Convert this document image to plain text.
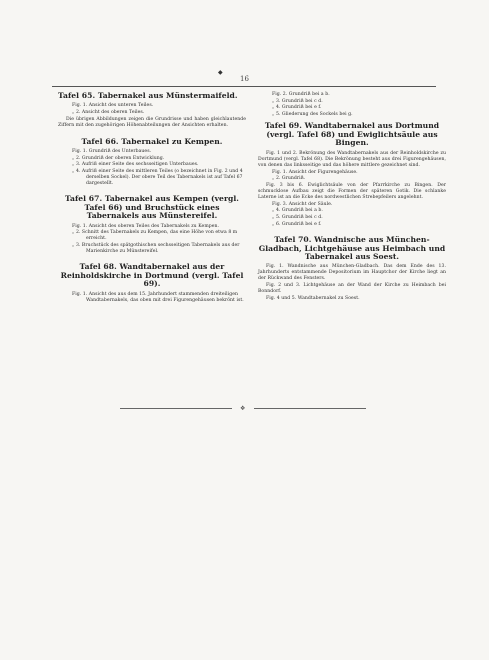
◆
16
Tafel 65. Tabernakel aus Münstermaifeld.

Fig. 1. Ansicht des unteren Teiles.

„ 2. Ansicht des oberen Teiles.

Die übrigen Abbildungen zeigen die Grundrisse und haben gleichlautende Ziffern mit den zugehörigen Höhenabteilungen der Ansichten erhalten.

Tafel 66. Tabernakel zu Kempen.

Fig. 1. Grundriß des Unterbaues.

„ 2. Grundriß der oberen Entwicklung.

„ 3. Aufriß einer Seite des sechsseitigen Unterbaues.

„ 4. Aufriß einer Seite des mittleren Teiles (o bezeichnet in Fig. 2 und 4 derselben Sockel). Der obere Teil des Tabernakels ist auf Tafel 67 dargestellt.

Tafel 67. Tabernakel aus Kempen (vergl. Tafel 66) und Bruchstück eines Tabernakels aus Münstereifel.

Fig. 1. Ansicht des oberen Teiles des Tabernakels zu Kempen.

„ 2. Schnitt des Tabernakels zu Kempen, das eine Höhe von etwa 8 m erreicht.

„ 3. Bruchstück des spätgothischen sechsseitigen Tabernakels aus der Marienkirche zu Münstereifel.

Tafel 68. Wandtabernakel aus der Reinholdskirche in Dortmund (vergl. Tafel 69).

Fig. 1. Ansicht des aus dem 15. Jahrhundert stammenden dreiteiligen Wandtabernakels, das oben mit drei Figurengehäusen bekrönt ist.

Fig. 2. Grundriß bei a b.

„ 3. Grundriß bei c d.

„ 4. Grundriß bei e f.

„ 5. Gliederung des Sockels bei g.

Tafel 69. Wandtabernakel aus Dortmund (vergl. Tafel 68) und Ewiglichtsäule aus Bingen.

Fig. 1 und 2. Bekrönung des Wandtabernakels aus der Reinholdskirche zu Dortmund (vergl. Tafel 68). Die Bekrönung besteht aus drei Figurengehäusen, von denen das linksseitige und das höhere mittlere gezeichnet sind.

Fig. 1. Ansicht der Figurengehäuse.

„ 2. Grundriß.

Fig. 3 bis 6. Ewiglichtsäule von der Pfarrkirche zu Bingen. Der schmucklose Aufbau zeigt die Formen der späteren Gotik. Die schlanke Laterne ist an die Ecke des nordwestlichen Strebepfeilers angelehnt.

Fig. 3. Ansicht der Säule.

„ 4. Grundriß bei a b.

„ 5. Grundriß bei c d.

„ 6. Grundriß bei e f.

Tafel 70. Wandnische aus München-Gladbach, Lichtgehäuse aus Heimbach und Tabernakel aus Soest.

Fig. 1. Wandnische aus München-Gladbach. Das dem Ende des 13. Jahrhunderts entstammende Depositorium im Hauptchor der Kirche liegt an der Rückwand des Fensters.

Fig. 2 und 3. Lichtgehäuse an der Wand der Kirche zu Heimbach bei Bonndorf.

Fig. 4 und 5. Wandtabernakel zu Soest.

❖
